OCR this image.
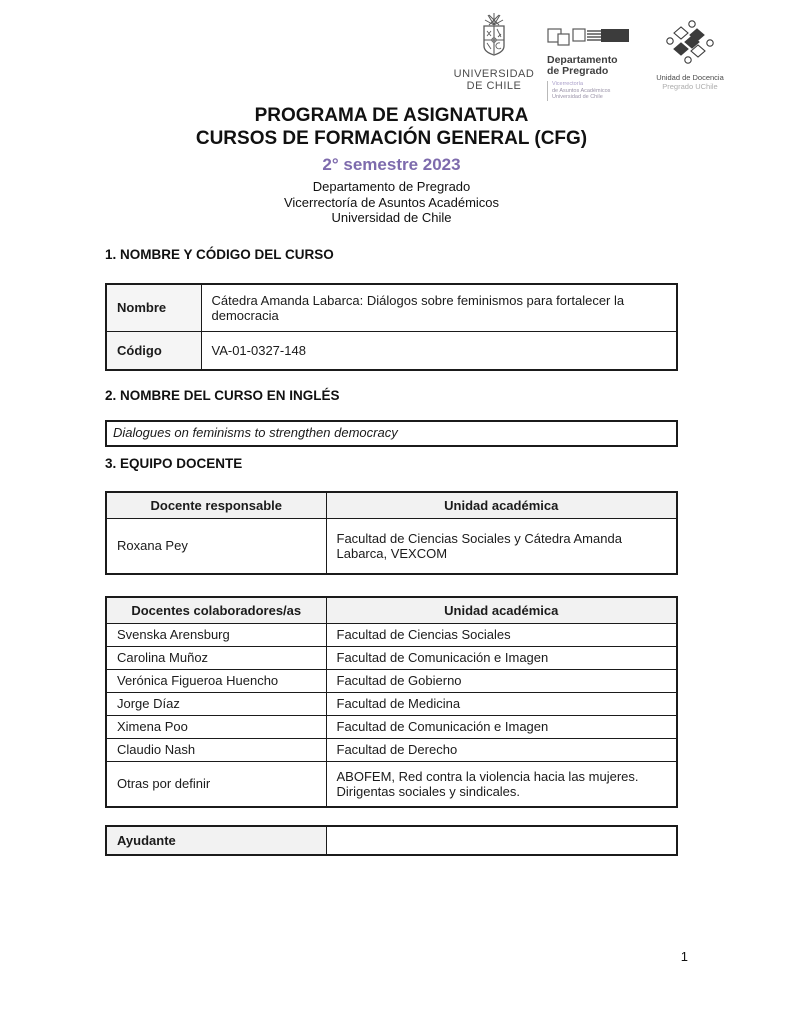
UNIVERSIDAD
DE CHILE
Departamento
de Pregrado
Vicerrectoría
de Asuntos Académicos
Universidad de Chile
Unidad de Docencia
Pregrado UChile
PROGRAMA DE ASIGNATURA
CURSOS DE FORMACIÓN GENERAL (CFG)
2° semestre 2023
Departamento de Pregrado
Vicerrectoría de Asuntos Académicos
Universidad de Chile
1. NOMBRE Y CÓDIGO DEL CURSO
Nombre	Cátedra Amanda Labarca: Diálogos sobre feminismos para fortalecer la democracia
Código	VA-01-0327-148
2. NOMBRE DEL CURSO EN INGLÉS
Dialogues on feminisms to strengthen democracy
3. EQUIPO DOCENTE
Docente responsable	Unidad académica
Roxana Pey	Facultad de Ciencias Sociales y Cátedra Amanda Labarca, VEXCOM
Docentes colaboradores/as	Unidad académica
Svenska Arensburg	Facultad de Ciencias Sociales
Carolina Muñoz	Facultad de Comunicación e Imagen
Verónica Figueroa Huencho	Facultad de Gobierno
Jorge Díaz	Facultad de Medicina
Ximena Poo	Facultad de Comunicación e Imagen
Claudio Nash	Facultad de Derecho
Otras por definir	ABOFEM, Red contra la violencia hacia las mujeres. Dirigentas sociales y sindicales.
Ayudante	
1
